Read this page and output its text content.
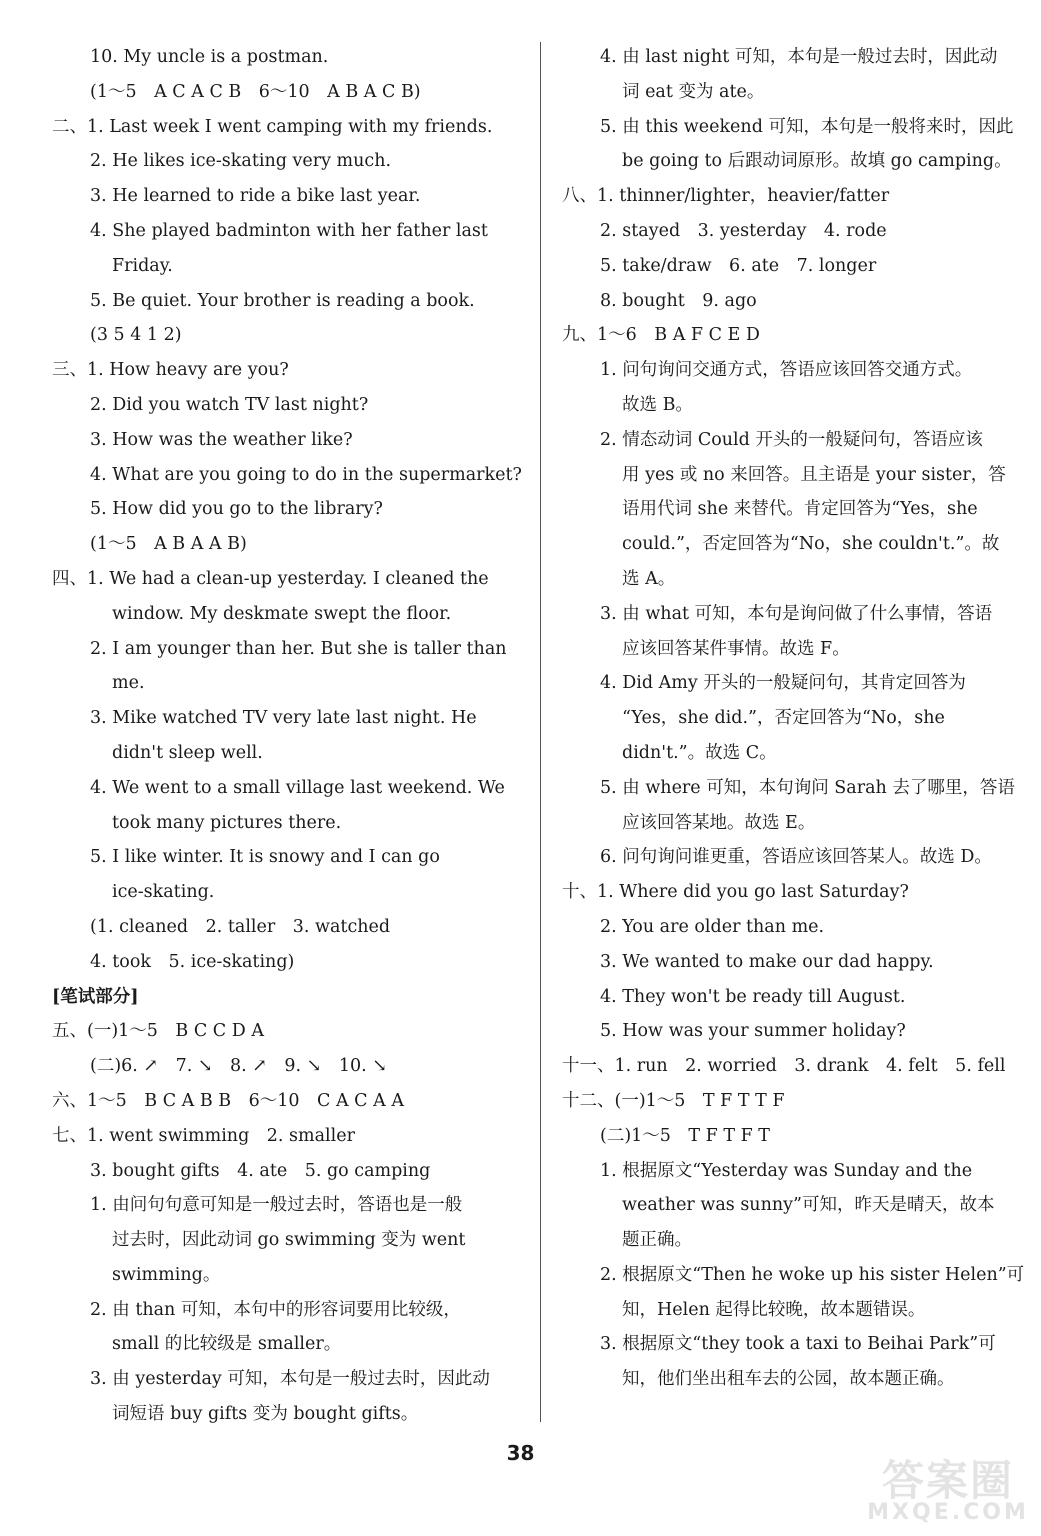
10. My uncle is a postman.
(1～5　A C A C B　6～10　A B A C B)
二、1. Last week I went camping with my friends.
2. He likes ice-skating very much.
3. He learned to ride a bike last year.
4. She played badminton with her father last
Friday.
5. Be quiet. Your brother is reading a book.
(3 5 4 1 2)
三、1. How heavy are you?
2. Did you watch TV last night?
3. How was the weather like?
4. What are you going to do in the supermarket?
5. How did you go to the library?
(1～5　A B A A B)
四、1. We had a clean-up yesterday. I cleaned the
window. My deskmate swept the floor.
2. I am younger than her. But she is taller than
me.
3. Mike watched TV very late last night. He
didn't sleep well.
4. We went to a small village last weekend. We
took many pictures there.
5. I like winter. It is snowy and I can go
ice-skating.
(1. cleaned　2. taller　3. watched
4. took　5. ice-skating)
[笔试部分]
五、(一)1～5　B C C D A
(二)6. ↗　7. ↘　8. ↗　9. ↘　10. ↘
六、1～5　B C A B B　6～10　C A C A A
七、1. went swimming　2. smaller
3. bought gifts　4. ate　5. go camping
1. 由问句句意可知是一般过去时，答语也是一般
过去时，因此动词 go swimming 变为 went
swimming。
2. 由 than 可知，本句中的形容词要用比较级，
small 的比较级是 smaller。
3. 由 yesterday 可知，本句是一般过去时，因此动
词短语 buy gifts 变为 bought gifts。
4. 由 last night 可知，本句是一般过去时，因此动
词 eat 变为 ate。
5. 由 this weekend 可知，本句是一般将来时，因此
be going to 后跟动词原形。故填 go camping。
八、1. thinner/lighter，heavier/fatter
2. stayed　3. yesterday　4. rode
5. take/draw　6. ate　7. longer
8. bought　9. ago
九、1～6　B A F C E D
1. 问句询问交通方式，答语应该回答交通方式。
故选 B。
2. 情态动词 Could 开头的一般疑问句，答语应该
用 yes 或 no 来回答。且主语是 your sister，答
语用代词 she 来替代。肯定回答为“Yes，she
could.”，否定回答为“No，she couldn't.”。故
选 A。
3. 由 what 可知，本句是询问做了什么事情，答语
应该回答某件事情。故选 F。
4. Did Amy 开头的一般疑问句，其肯定回答为
“Yes，she did.”，否定回答为“No，she
didn't.”。故选 C。
5. 由 where 可知，本句询问 Sarah 去了哪里，答语
应该回答某地。故选 E。
6. 问句询问谁更重，答语应该回答某人。故选 D。
十、1. Where did you go last Saturday?
2. You are older than me.
3. We wanted to make our dad happy.
4. They won't be ready till August.
5. How was your summer holiday?
十一、1. run　2. worried　3. drank　4. felt　5. fell
十二、(一)1～5　T F T T F
(二)1～5　T F T F T
1. 根据原文“Yesterday was Sunday and the
weather was sunny”可知，昨天是晴天，故本
题正确。
2. 根据原文“Then he woke up his sister Helen”可
知，Helen 起得比较晚，故本题错误。
3. 根据原文“they took a taxi to Beihai Park”可
知，他们坐出租车去的公园，故本题正确。
38
答案圈
MXQE.COM
